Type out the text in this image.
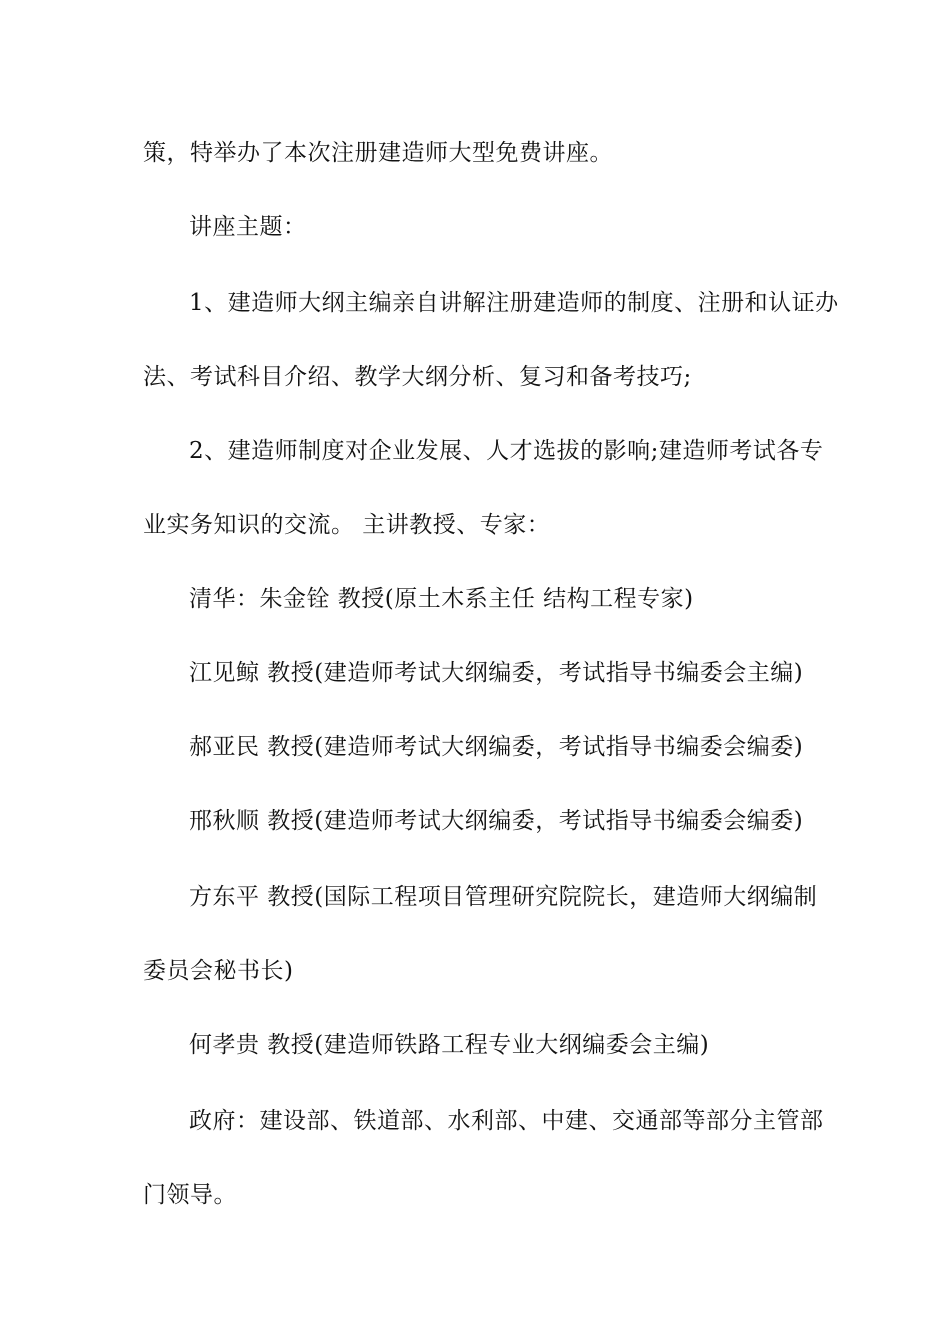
策，特举办了本次注册建造师大型免费讲座。
讲座主题：
1、建造师大纲主编亲自讲解注册建造师的制度、注册和认证办
法、考试科目介绍、教学大纲分析、复习和备考技巧;
2、建造师制度对企业发展、人才选拔的影响;建造师考试各专
业实务知识的交流。 主讲教授、专家：
清华：朱金铨 教授(原土木系主任 结构工程专家)
江见鲸 教授(建造师考试大纲编委，考试指导书编委会主编)
郝亚民 教授(建造师考试大纲编委，考试指导书编委会编委)
邢秋顺 教授(建造师考试大纲编委，考试指导书编委会编委)
方东平 教授(国际工程项目管理研究院院长，建造师大纲编制
委员会秘书长)
何孝贵 教授(建造师铁路工程专业大纲编委会主编)
政府：建设部、铁道部、水利部、中建、交通部等部分主管部
门领导。
